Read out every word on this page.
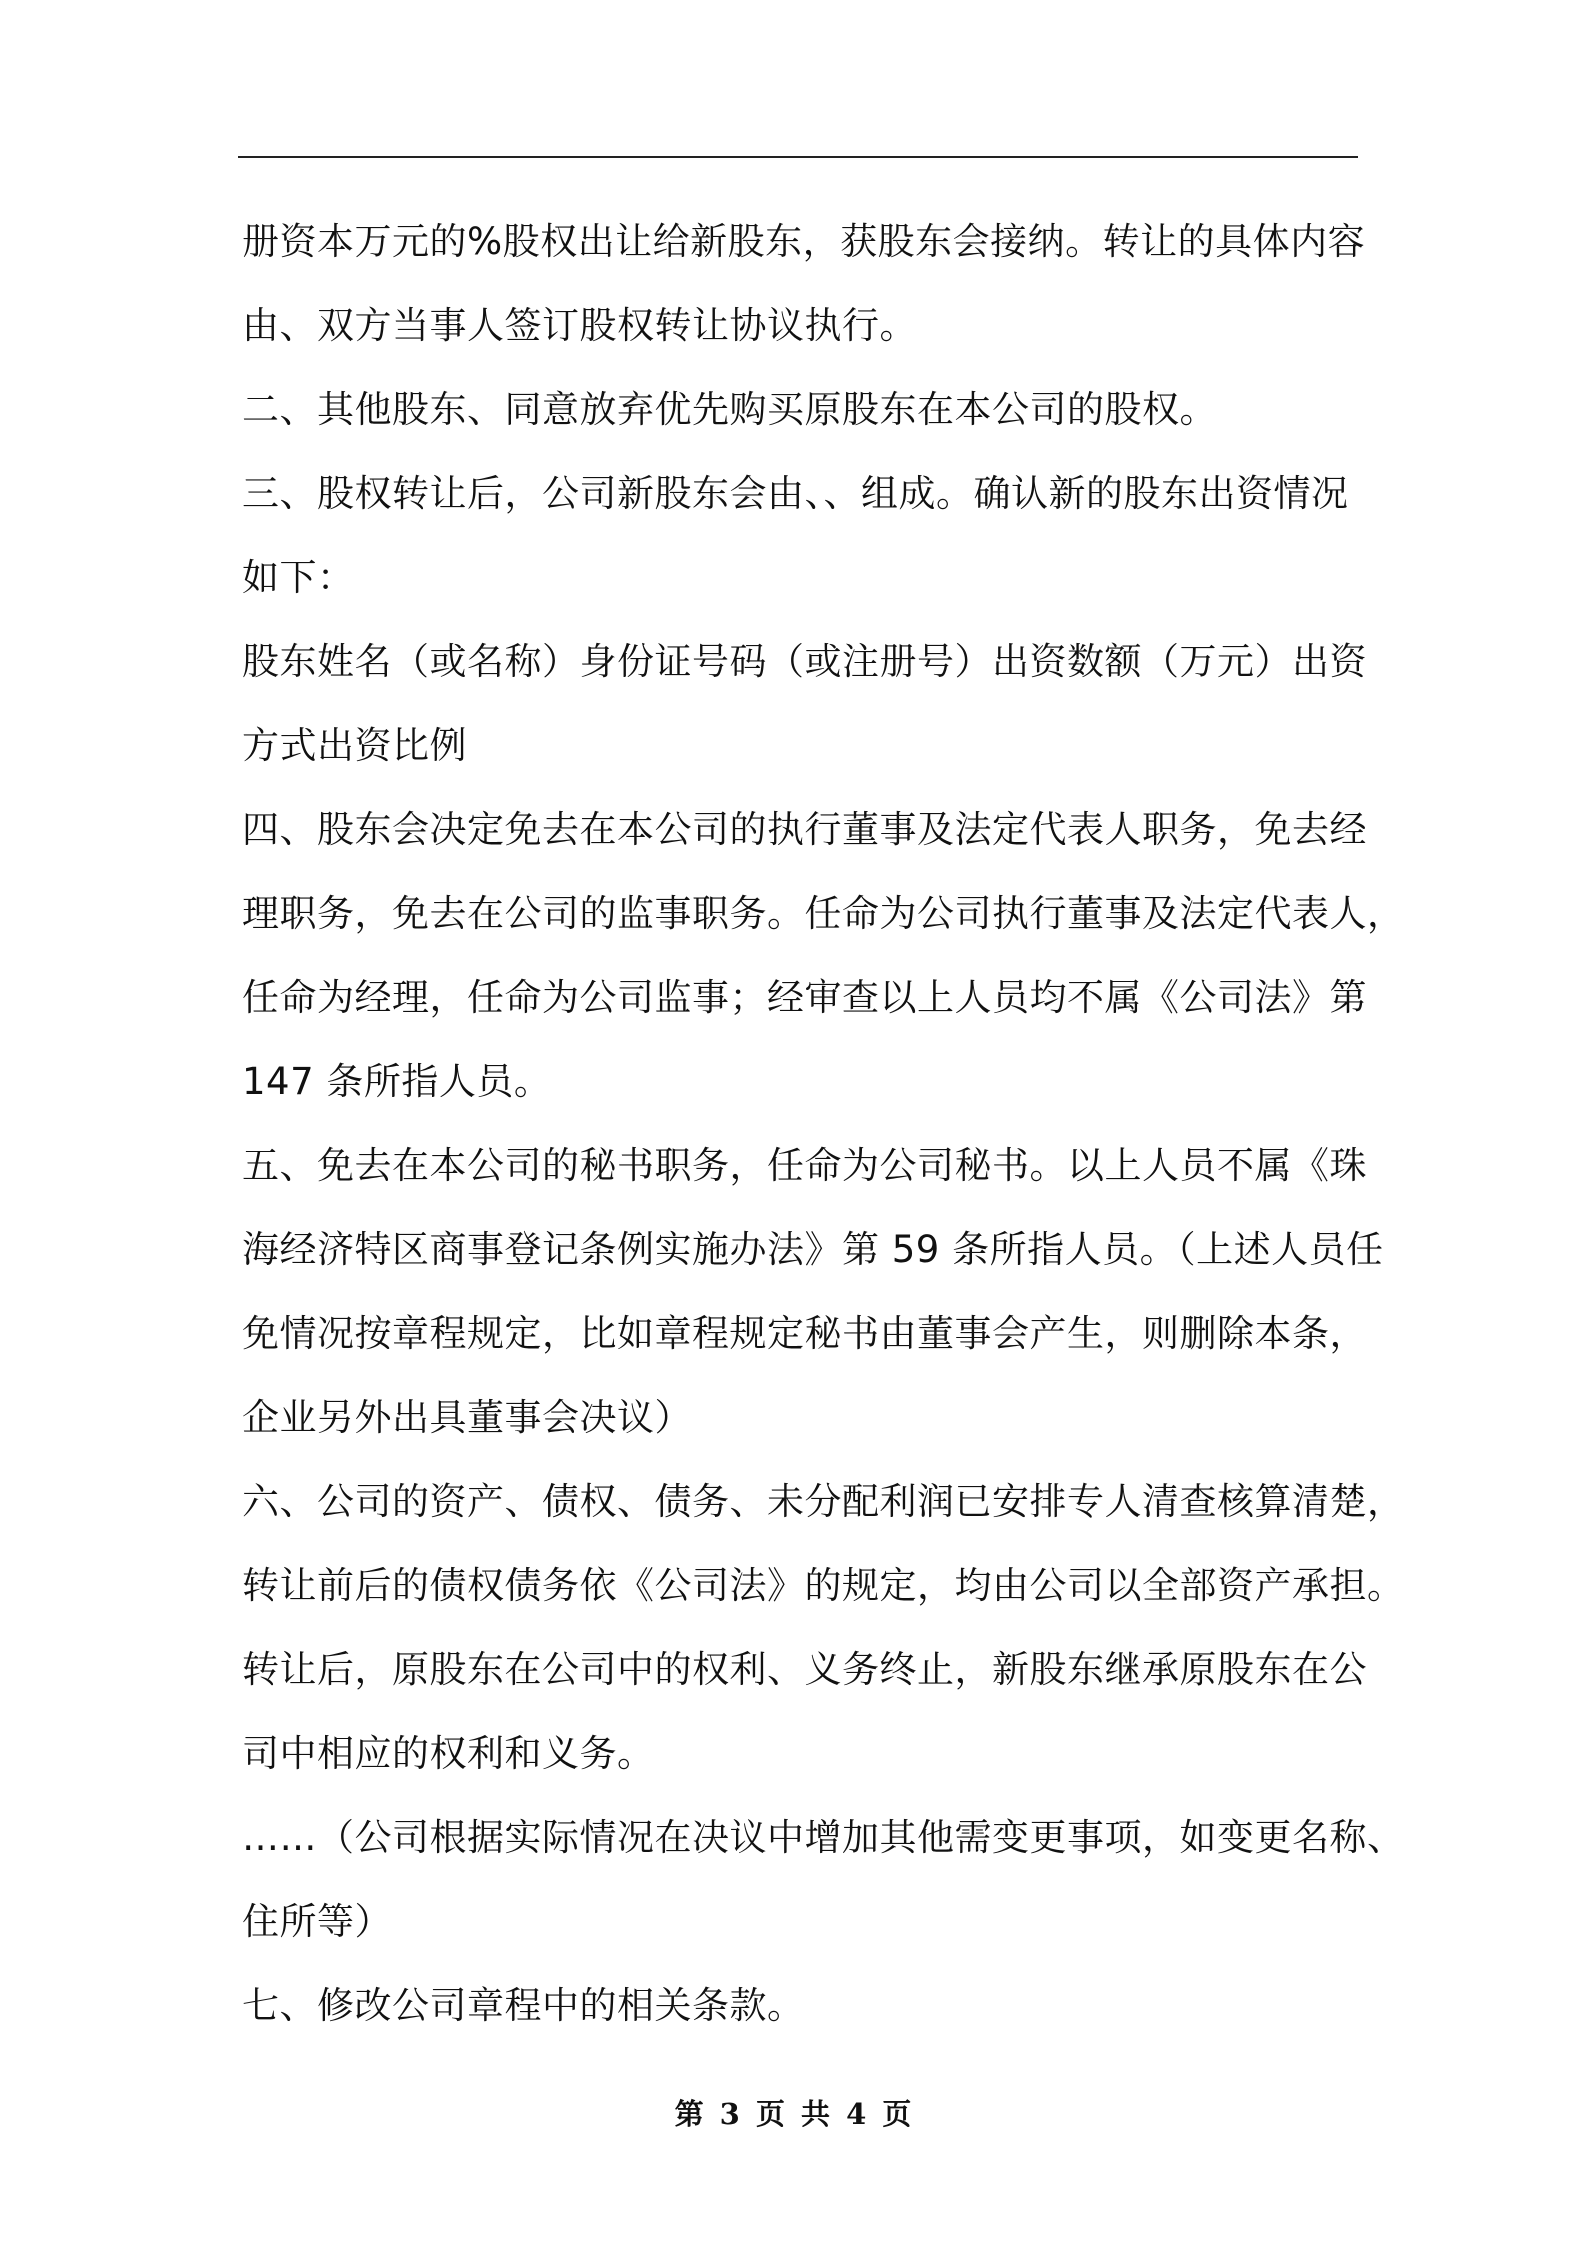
册资本万元的%股权出让给新股东，获股东会接纳。转让的具体内容
由、双方当事人签订股权转让协议执行。
二、其他股东、同意放弃优先购买原股东在本公司的股权。
三、股权转让后，公司新股东会由、、组成。确认新的股东出资情况
如下：
股东姓名（或名称）身份证号码（或注册号）出资数额（万元）出资
方式出资比例
四、股东会决定免去在本公司的执行董事及法定代表人职务，免去经
理职务，免去在公司的监事职务。任命为公司执行董事及法定代表人，
任命为经理，任命为公司监事；经审查以上人员均不属《公司法》第
147 条所指人员。
五、免去在本公司的秘书职务，任命为公司秘书。以上人员不属《珠
海经济特区商事登记条例实施办法》第 59 条所指人员。（上述人员任
免情况按章程规定，比如章程规定秘书由董事会产生，则删除本条，
企业另外出具董事会决议）
六、公司的资产、债权、债务、未分配利润已安排专人清查核算清楚，
转让前后的债权债务依《公司法》的规定，均由公司以全部资产承担。
转让后，原股东在公司中的权利、义务终止，新股东继承原股东在公
司中相应的权利和义务。
……（公司根据实际情况在决议中增加其他需变更事项，如变更名称、
住所等）
七、修改公司章程中的相关条款。
第 3 页 共 4 页
